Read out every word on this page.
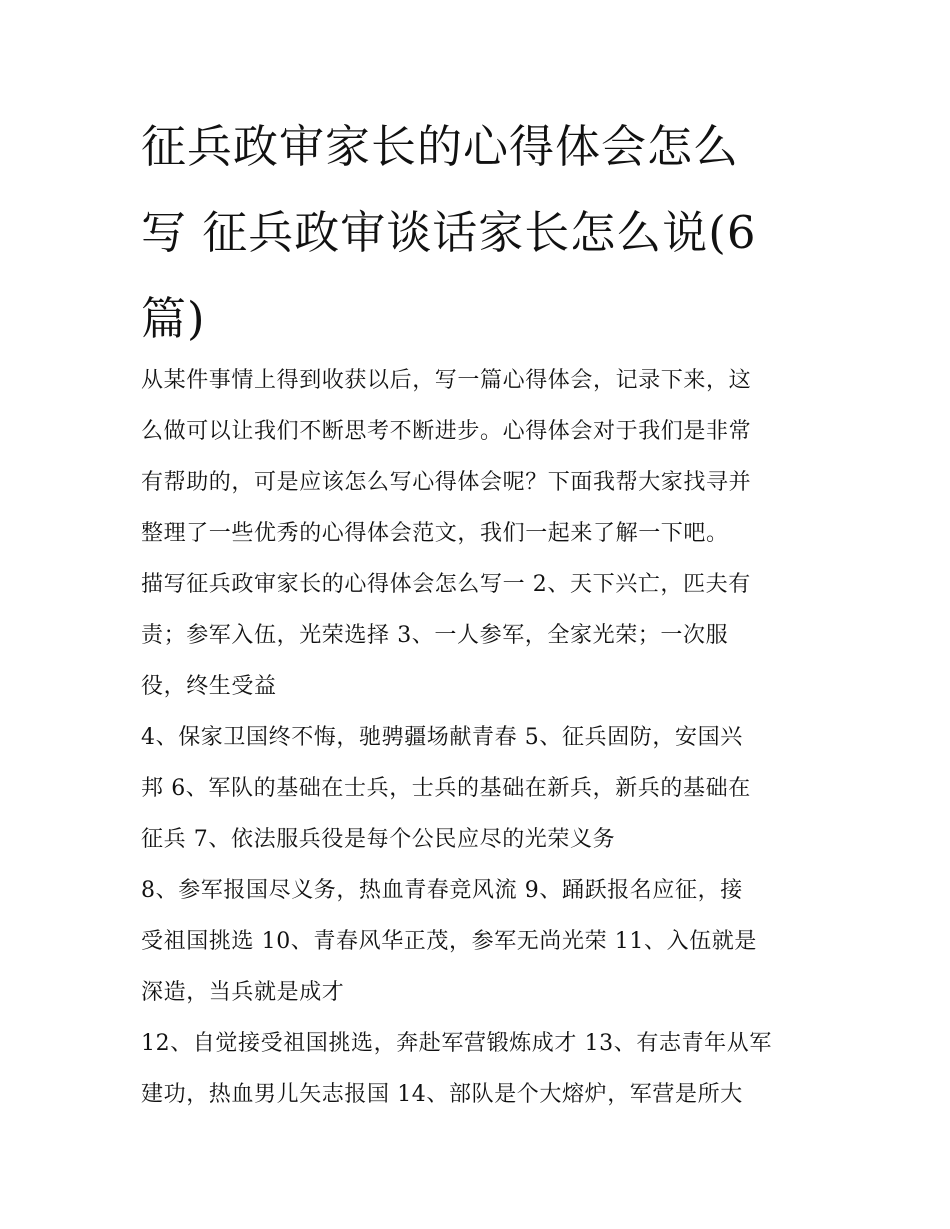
征兵政审家长的心得体会怎么
写 征兵政审谈话家长怎么说(6
篇)

从某件事情上得到收获以后，写一篇心得体会，记录下来，这

么做可以让我们不断思考不断进步。心得体会对于我们是非常

有帮助的，可是应该怎么写心得体会呢？下面我帮大家找寻并

整理了一些优秀的心得体会范文，我们一起来了解一下吧。

描写征兵政审家长的心得体会怎么写一 2、天下兴亡，匹夫有

责；参军入伍，光荣选择 3、一人参军，全家光荣；一次服

役，终生受益

4、保家卫国终不悔，驰骋疆场献青春 5、征兵固防，安国兴

邦 6、军队的基础在士兵，士兵的基础在新兵，新兵的基础在

征兵 7、依法服兵役是每个公民应尽的光荣义务

8、参军报国尽义务，热血青春竞风流 9、踊跃报名应征，接

受祖国挑选 10、青春风华正茂，参军无尚光荣 11、入伍就是

深造，当兵就是成才

12、自觉接受祖国挑选，奔赴军营锻炼成才 13、有志青年从军

建功，热血男儿矢志报国 14、部队是个大熔炉，军营是所大
